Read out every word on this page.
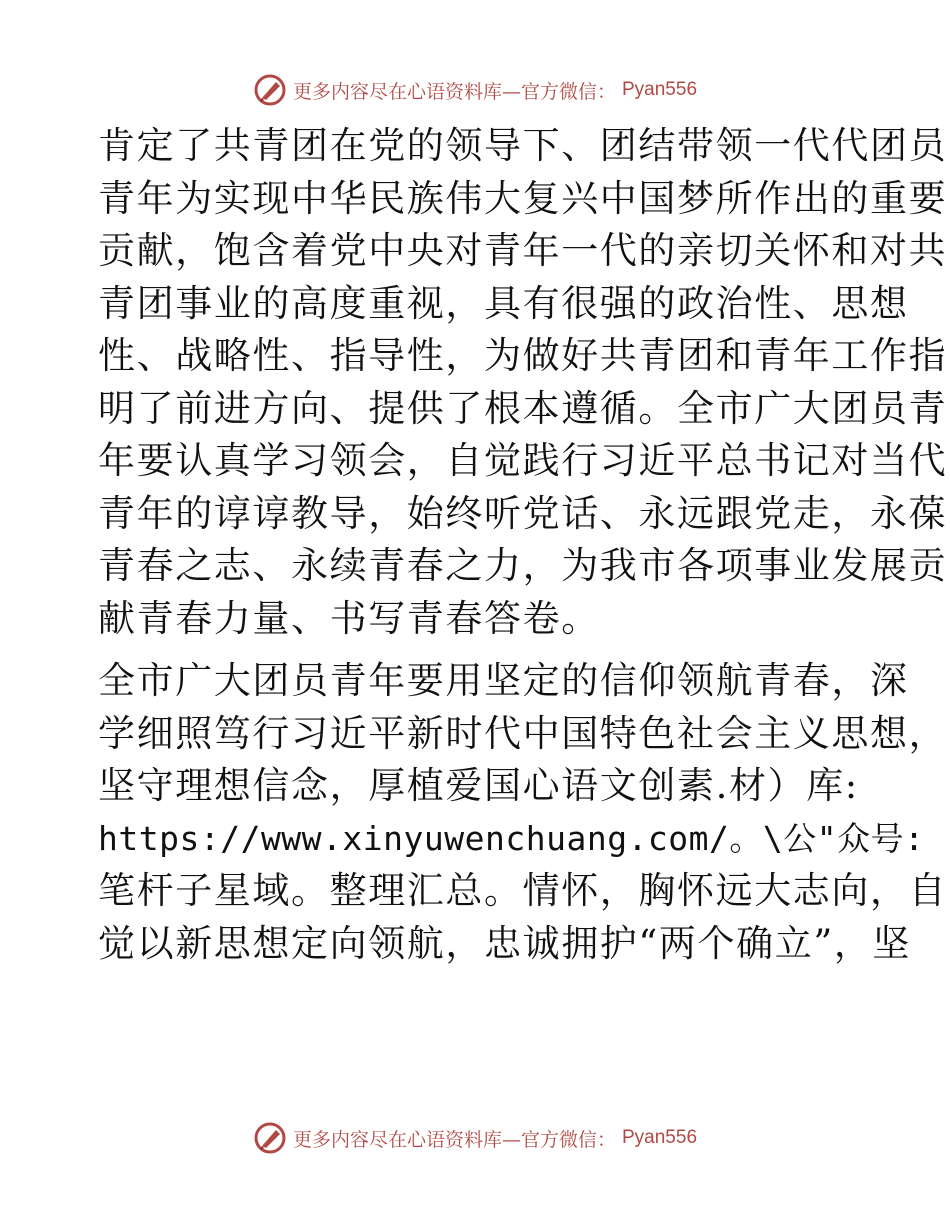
更多内容尽在心语资料库—官方微信： Pyan556
肯定了共青团在党的领导下、团结带领一代代团员
青年为实现中华民族伟大复兴中国梦所作出的重要
贡献，饱含着党中央对青年一代的亲切关怀和对共
青团事业的高度重视，具有很强的政治性、思想
性、战略性、指导性，为做好共青团和青年工作指
明了前进方向、提供了根本遵循。全市广大团员青
年要认真学习领会，自觉践行习近平总书记对当代
青年的谆谆教导，始终听党话、永远跟党走，永葆
青春之志、永续青春之力，为我市各项事业发展贡
献青春力量、书写青春答卷。
全市广大团员青年要用坚定的信仰领航青春，深
学细照笃行习近平新时代中国特色社会主义思想，
坚守理想信念，厚植爱国心语文创素.材）库:
https://www.xinyuwenchuang.com/。\公"众号:
笔杆子星域。整理汇总。情怀，胸怀远大志向，自
觉以新思想定向领航，忠诚拥护“两个确立”，坚
更多内容尽在心语资料库—官方微信： Pyan556
